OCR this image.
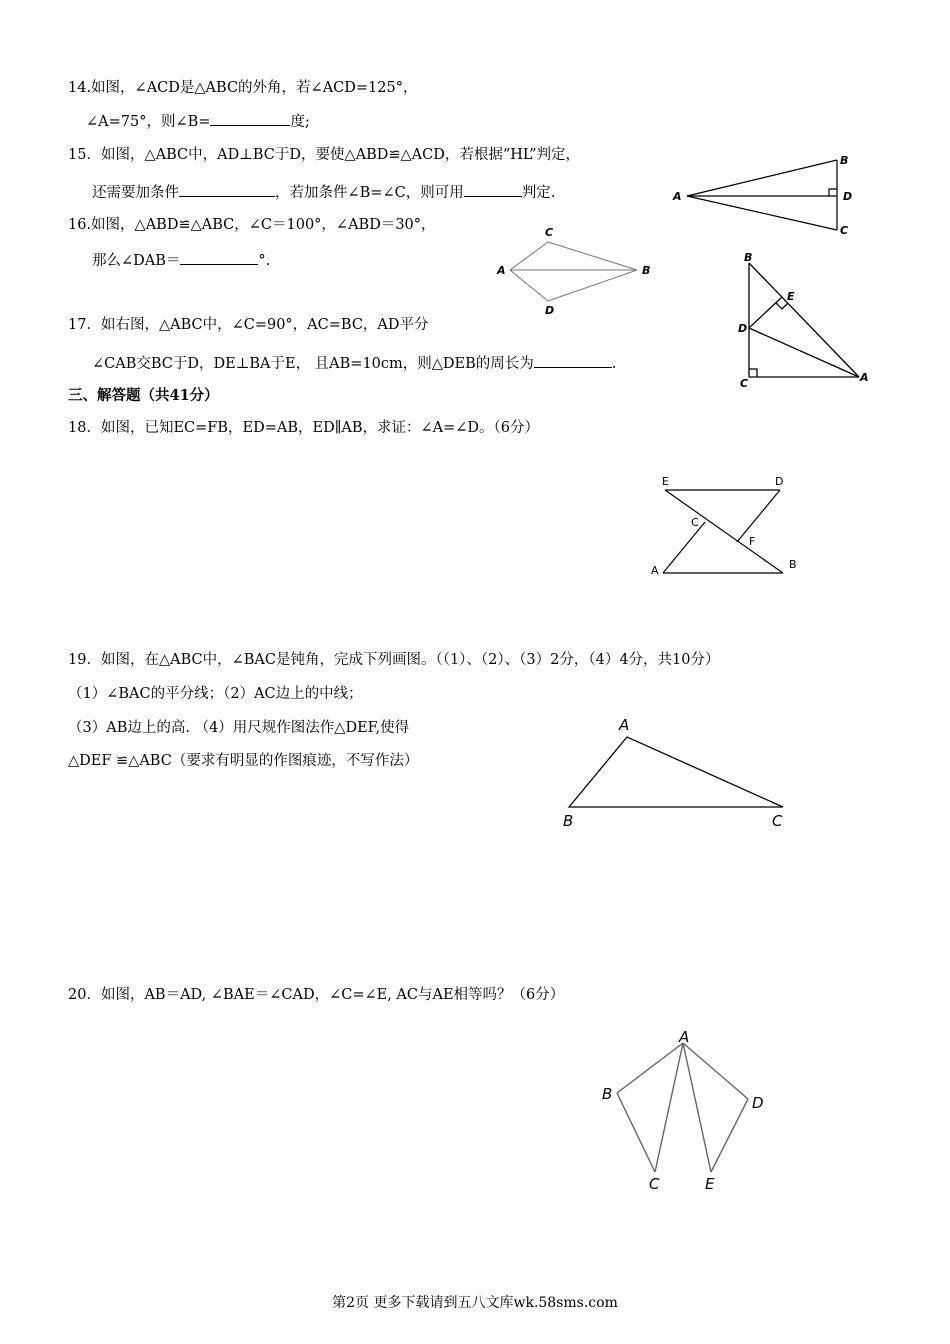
14.如图，∠ACD是△ABC的外角，若∠ACD=125°，
∠A=75°，则∠B=	度;
15．如图，△ABC中，AD⊥BC于D，要使△ABD≌△ACD，若根据“HL”判定，
还需要加条件	，若加条件∠B=∠C，则可用	判定.	A
B
D
C
16.如图，△ABD≌△ABC，∠C＝100°，∠ABD＝30°，
那么∠DAB＝	°.
C
A	B
D
17．如右图，△ABC中，∠C=90°，AC=BC，AD平分
∠CAB交BC于D，DE⊥BA于E， 且AB=10cm，则△DEB的周长为	.
B
E
D
C	A
三、解答题（共41分）
18．如图，已知EC=FB，ED=AB，ED∥AB，求证：∠A=∠D。（6分）
E	D
C
F
A	B
19．如图，在△ABC中，∠BAC是钝角，完成下列画图。（（1）、（2）、（3）2分，（4）4分，共10分）
（1）∠BAC的平分线；（2）AC边上的中线；
（3）AB边上的高. （4）用尺规作图法作△DEF,使得
△DEF ≌△ABC（要求有明显的作图痕迹，不写作法）
A
B	C
20．如图，AB＝AD, ∠BAE＝∠CAD，∠C=∠E, AC与AE相等吗？（6分）
A
B	D
C	E
第2页 更多下载请到五八文库wk.58sms.com
